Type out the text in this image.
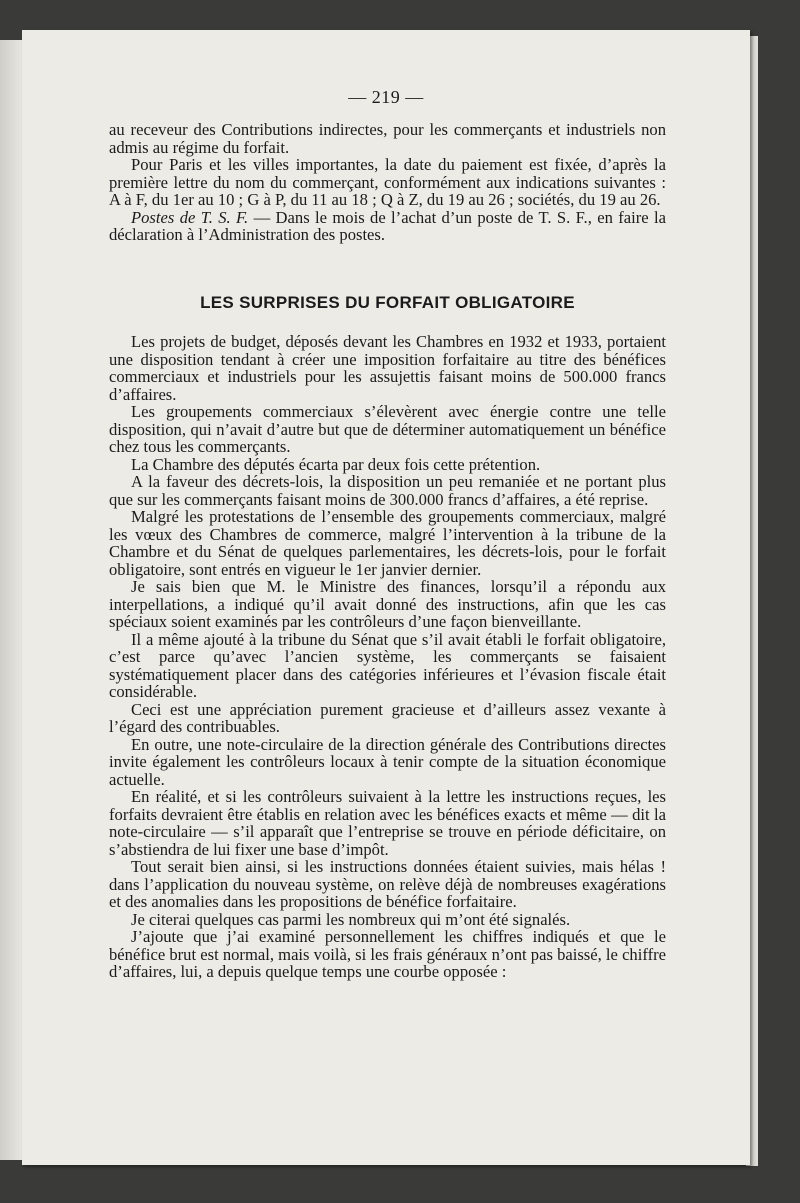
— 219 —

au receveur des Contributions indirectes, pour les commerçants et industriels non admis au régime du forfait.

Pour Paris et les villes importantes, la date du paiement est fixée, d’après la première lettre du nom du commerçant, conformément aux indications suivantes : A à F, du 1er au 10 ; G à P, du 11 au 18 ; Q à Z, du 19 au 26 ; sociétés, du 19 au 26.

Postes de T. S. F. — Dans le mois de l’achat d’un poste de T. S. F., en faire la déclaration à l’Administration des postes.

LES SURPRISES DU FORFAIT OBLIGATOIRE

Les projets de budget, déposés devant les Chambres en 1932 et 1933, portaient une disposition tendant à créer une imposition forfaitaire au titre des bénéfices commerciaux et industriels pour les assujettis faisant moins de 500.000 francs d’affaires.

Les groupements commerciaux s’élevèrent avec énergie contre une telle disposition, qui n’avait d’autre but que de déterminer automatiquement un bénéfice chez tous les commerçants.

La Chambre des députés écarta par deux fois cette prétention.

A la faveur des décrets-lois, la disposition un peu remaniée et ne portant plus que sur les commerçants faisant moins de 300.000 francs d’affaires, a été reprise.

Malgré les protestations de l’ensemble des groupements commerciaux, malgré les vœux des Chambres de commerce, malgré l’intervention à la tribune de la Chambre et du Sénat de quelques parlementaires, les décrets-lois, pour le forfait obligatoire, sont entrés en vigueur le 1er janvier dernier.

Je sais bien que M. le Ministre des finances, lorsqu’il a répondu aux interpellations, a indiqué qu’il avait donné des instructions, afin que les cas spéciaux soient examinés par les contrôleurs d’une façon bienveillante.

Il a même ajouté à la tribune du Sénat que s’il avait établi le forfait obligatoire, c’est parce qu’avec l’ancien système, les commerçants se faisaient systématiquement placer dans des catégories inférieures et l’évasion fiscale était considérable.

Ceci est une appréciation purement gracieuse et d’ailleurs assez vexante à l’égard des contribuables.

En outre, une note-circulaire de la direction générale des Contributions directes invite également les contrôleurs locaux à tenir compte de la situation économique actuelle.

En réalité, et si les contrôleurs suivaient à la lettre les instructions reçues, les forfaits devraient être établis en relation avec les bénéfices exacts et même — dit la note-circulaire — s’il apparaît que l’entreprise se trouve en période déficitaire, on s’abstiendra de lui fixer une base d’impôt.

Tout serait bien ainsi, si les instructions données étaient suivies, mais hélas ! dans l’application du nouveau système, on relève déjà de nombreuses exagérations et des anomalies dans les propositions de bénéfice forfaitaire.

Je citerai quelques cas parmi les nombreux qui m’ont été signalés.

J’ajoute que j’ai examiné personnellement les chiffres indiqués et que le bénéfice brut est normal, mais voilà, si les frais généraux n’ont pas baissé, le chiffre d’affaires, lui, a depuis quelque temps une courbe opposée :
